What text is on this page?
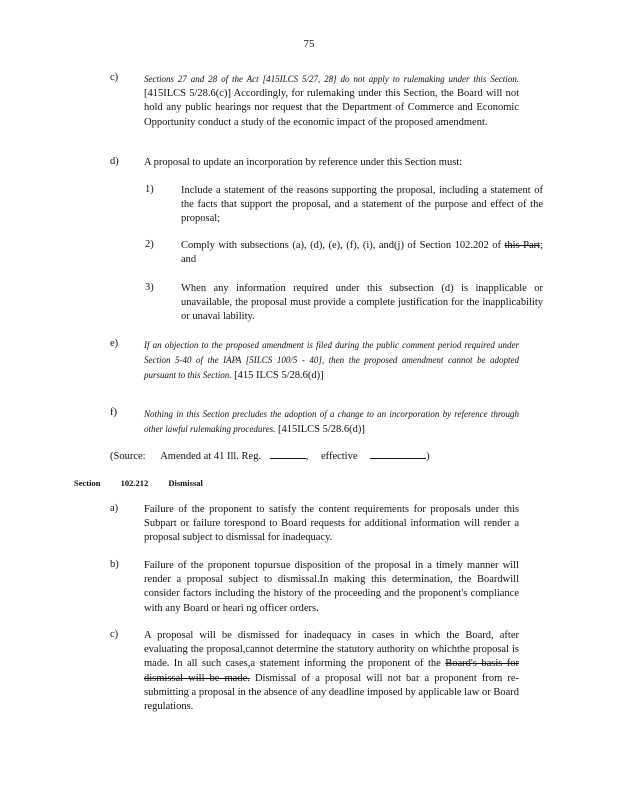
75
c)	Sections 27 and 28 of the Act [415ILCS 5/27, 28] do not apply to rulemaking under this Section. [415ILCS 5/28.6(c)] Accordingly, for rulemaking under this Section, the Board will not hold any public hearings nor request that the Department of Commerce and Economic Opportunity conduct a study of the economic impact of the proposed amendment.
d) A proposal to update an incorporation by reference under this Section must:
1)	Include a statement of the reasons supporting the proposal, including a statement of the facts that support the proposal, and a statement of the purpose and effect of the proposal;
2)	Comply with subsections (a), (d), (e), (f), (i), and(j) of Section 102.202 of this Part; and
3)	When any information required under this subsection (d) is inapplicable or unavailable, the proposal must provide a complete justification for the inapplicability or unavai lability.
e)	If an objection to the proposed amendment is filed during the public comment period required under Section 5-40 of the IAPA [5ILCS 100/5 - 40], then the proposed amendment cannot be adopted pursuant to this Section. [415 ILCS 5/28.6(d)]
f)	Nothing in this Section precludes the adoption of a change to an incorporation by reference through other lawful rulemaking procedures. [415ILCS 5/28.6(d)]
(Source: Amended at 41 Ill. Reg.	, effective	)
Section 102.212 Dismissal
a) Failure of the proponent to satisfy the content requirements for proposals under this Subpart or failure torespond to Board requests for additional information will render a proposal subject to dismissal for inadequacy.
b) Failure of the proponent topursue disposition of the proposal in a timely manner will render a proposal subject to dismissal.In making this determination, the Boardwill consider factors including the history of the proceeding and the proponent's compliance with any Board or heari ng officer orders.
c) A proposal will be dismissed for inadequacy in cases in which the Board, after evaluating the proposal,cannot determine the statutory authority on whichthe proposal is made. In all such cases,a statement informing the proponent of the Board's basis for dismissal will be made. Dismissal of a proposal will not bar a proponent from re-submitting a proposal in the absence of any deadline imposed by applicable law or Board regulations.
